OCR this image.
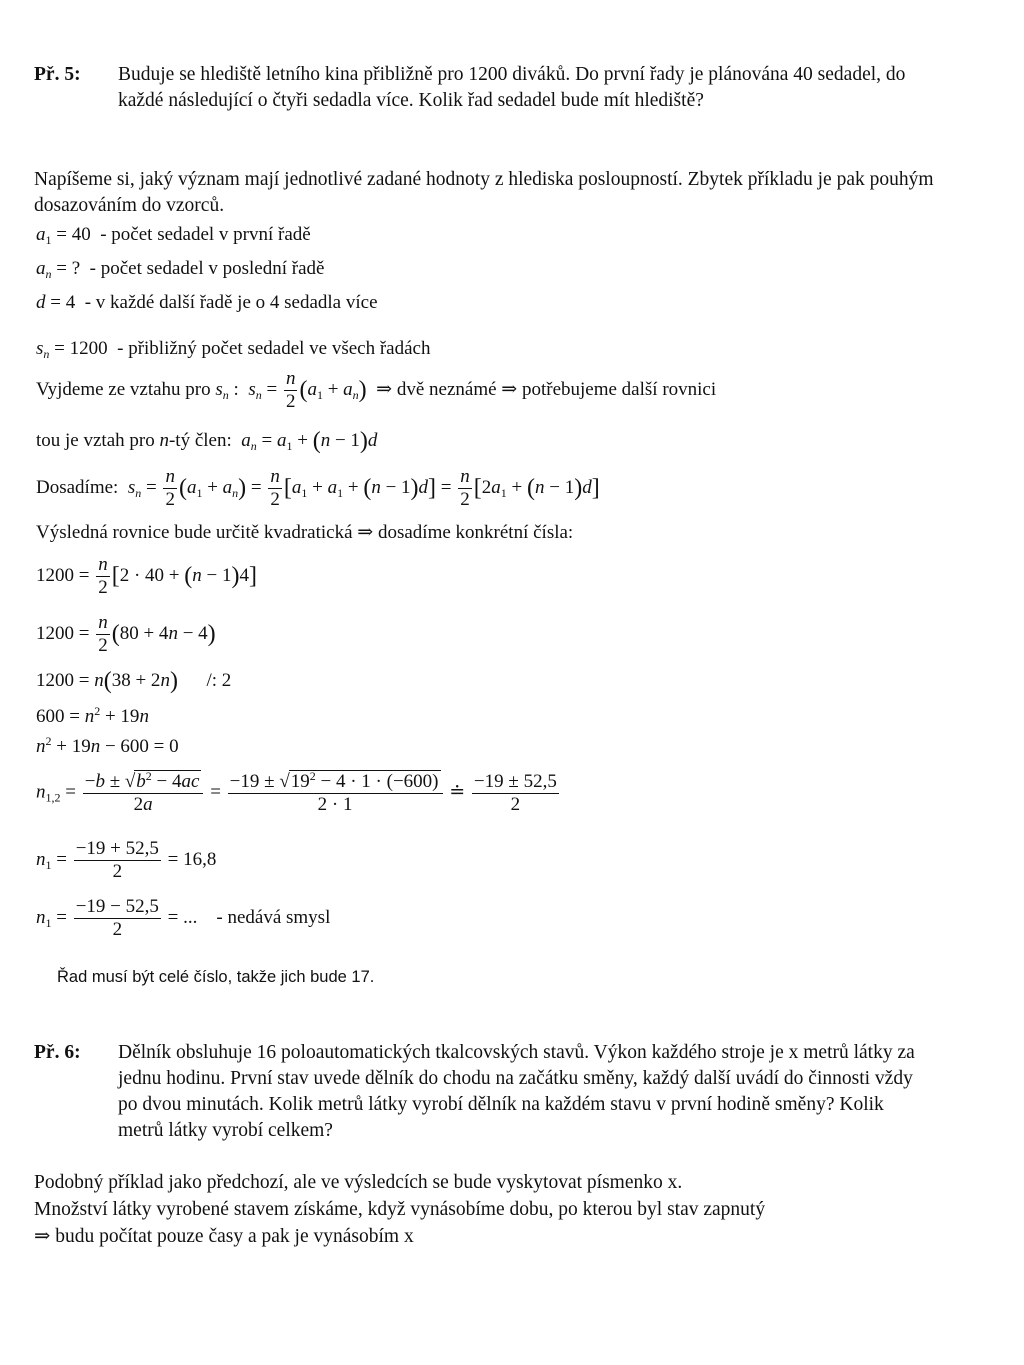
Př. 5: Buduje se hlediště letního kina přibližně pro 1200 diváků. Do první řady je plánována 40 sedadel, do každé následující o čtyři sedadla více. Kolik řad sedadel bude mít hlediště?
Napíšeme si, jaký význam mají jednotlivé zadané hodnoty z hlediska posloupností. Zbytek příkladu je pak pouhým dosazováním do vzorců.
$a_1 = 40$  - počet sedadel v první řadě
$a_n$ = ?  - počet sedadel v poslední řadě
d = 4  - v každé další řadě je o 4 sedadla více
$s_n = 1200$  - přibližný počet sedadel ve všech řadách
Vyjdeme ze vztahu pro $s_n$ :  $s_n = \frac{n}{2} (a_1 + a_n)$  ⇒ dvě neznámé ⇒ potřebujeme další rovnici
tou je vztah pro n-tý člen: $a_n = a_1 + (n - 1)d$
Dosadíme: $s_n = \frac{n}{2} (a_1 + a_n) = \frac{n}{2} [a_1 + a_1 + (n - 1)d] = \frac{n}{2} [2a_1 + (n - 1)d]$
Výsledná rovnice bude určitě kvadratická ⇒ dosadíme konkrétní čísla:
$1200 = \frac{n}{2} [2 \cdot 40 + (n - 1)4]$
$1200 = \frac{n}{2} (80 + 4n - 4)$
1200 = n(38 + 2n)      /: 2
$600 = n^2 + 19n$
$n^2 + 19n - 600 = 0$
$n_{1,2} = \frac{-b \pm √b^2 - 4ac}{2a} = \frac{-19 \pm √19^2 - 4 \cdot 1 \cdot (-600)}{2 \cdot 1}$ ≐ $\frac{-19 \pm 52,5}{2}$
$n_1 = \frac{-19 + 52,5}{2} = 16,8$
$n_1 = \frac{-19 - 52,5}{2}$ = ...    - nedává smysl
Řad musí být celé číslo, takže jich bude 17.
Př. 6: Dělník obsluhuje 16 poloautomatických tkalcovských stavů. Výkon každého stroje je x metrů látky za jednu hodinu. První stav uvede dělník do chodu na začátku směny, každý další uvádí do činnosti vždy po dvou minutách. Kolik metrů látky vyrobí dělník na každém stavu v první hodině směny? Kolik metrů látky vyrobí celkem?
Podobný příklad jako předchozí, ale ve výsledcích se bude vyskytovat písmenko x.
Množství látky vyrobené stavem získáme, když vynásobíme dobu, po kterou byl stav zapnutý
⇒ budu počítat pouze časy a pak je vynásobím x
